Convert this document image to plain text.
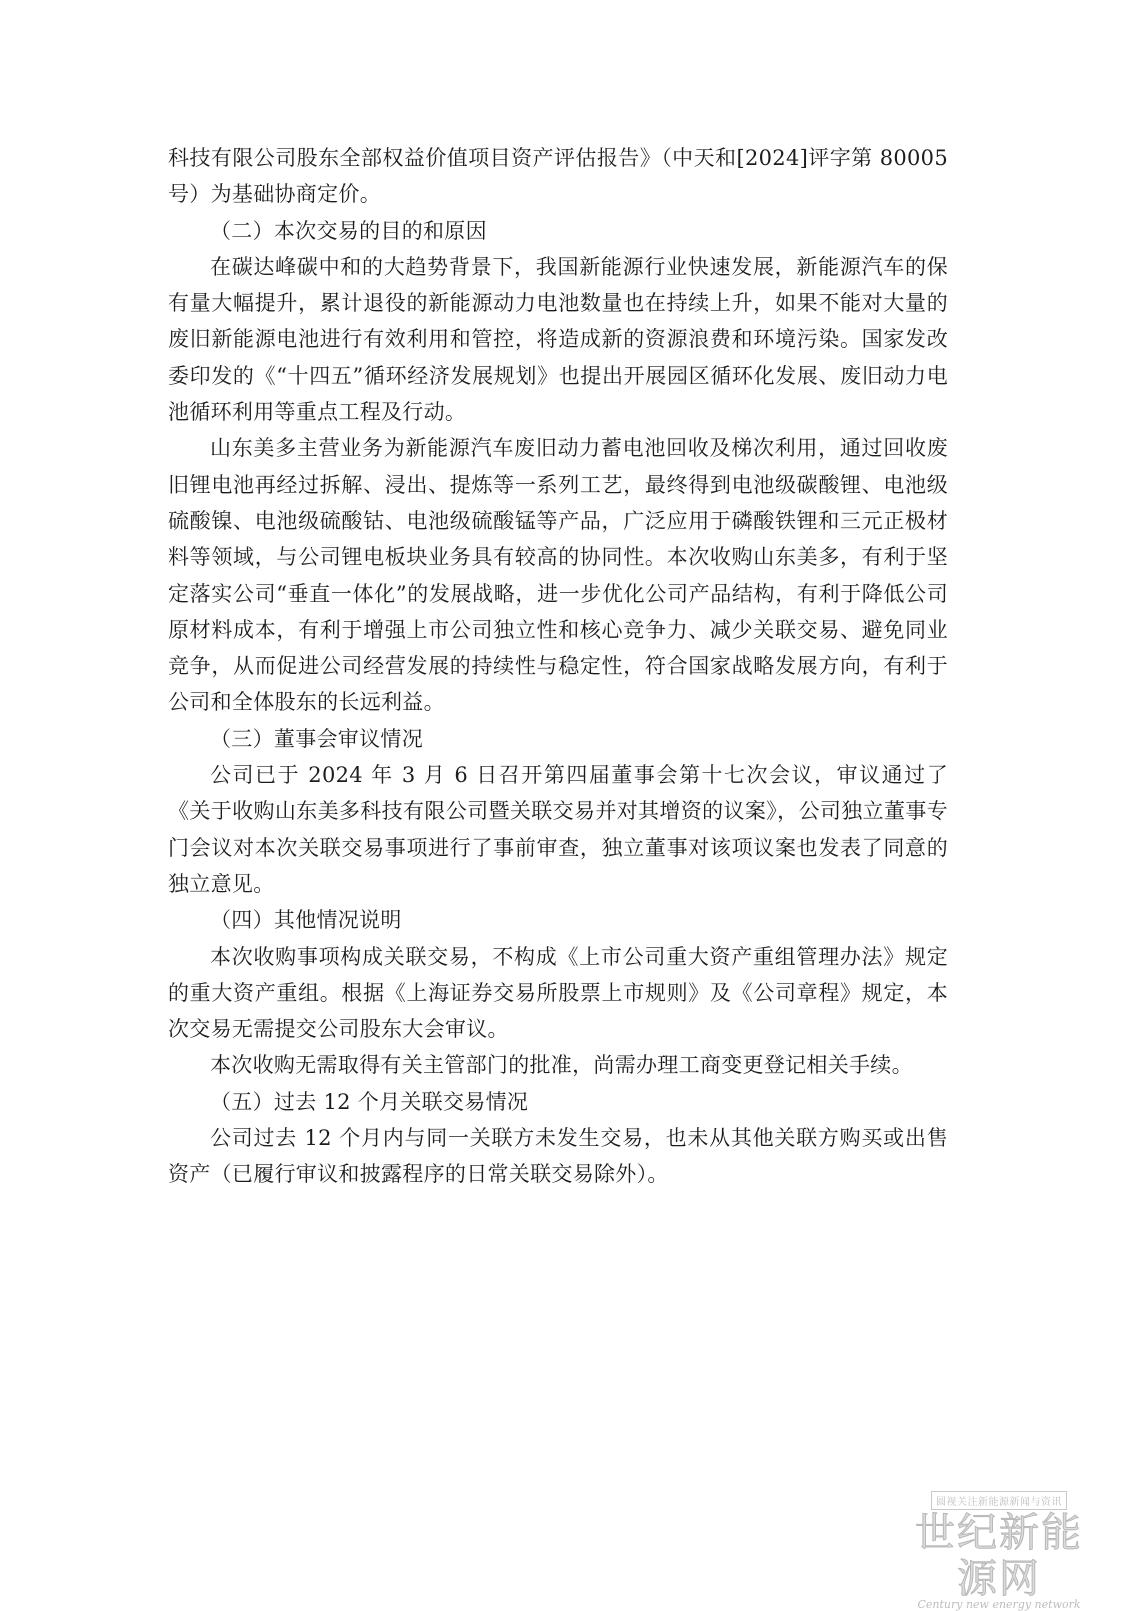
科技有限公司股东全部权益价值项目资产评估报告》（中天和[2024]评字第 80005 号）为基础协商定价。

（二）本次交易的目的和原因

在碳达峰碳中和的大趋势背景下，我国新能源行业快速发展，新能源汽车的保有量大幅提升，累计退役的新能源动力电池数量也在持续上升，如果不能对大量的废旧新能源电池进行有效利用和管控，将造成新的资源浪费和环境污染。国家发改委印发的《“十四五”循环经济发展规划》也提出开展园区循环化发展、废旧动力电池循环利用等重点工程及行动。

山东美多主营业务为新能源汽车废旧动力蓄电池回收及梯次利用，通过回收废旧锂电池再经过拆解、浸出、提炼等一系列工艺，最终得到电池级碳酸锂、电池级硫酸镍、电池级硫酸钴、电池级硫酸锰等产品，广泛应用于磷酸铁锂和三元正极材料等领域，与公司锂电板块业务具有较高的协同性。本次收购山东美多，有利于坚定落实公司“垂直一体化”的发展战略，进一步优化公司产品结构，有利于降低公司原材料成本，有利于增强上市公司独立性和核心竞争力、减少关联交易、避免同业竞争，从而促进公司经营发展的持续性与稳定性，符合国家战略发展方向，有利于公司和全体股东的长远利益。

（三）董事会审议情况

公司已于 2024 年 3 月 6 日召开第四届董事会第十七次会议，审议通过了《关于收购山东美多科技有限公司暨关联交易并对其增资的议案》，公司独立董事专门会议对本次关联交易事项进行了事前审查，独立董事对该项议案也发表了同意的独立意见。

（四）其他情况说明

本次收购事项构成关联交易，不构成《上市公司重大资产重组管理办法》规定的重大资产重组。根据《上海证券交易所股票上市规则》及《公司章程》规定，本次交易无需提交公司股东大会审议。

本次收购无需取得有关主管部门的批准，尚需办理工商变更登记相关手续。

（五）过去 12 个月关联交易情况

公司过去 12 个月内与同一关联方未发生交易，也未从其他关联方购买或出售资产（已履行审议和披露程序的日常关联交易除外）。

圆视关注新能源新闻与资讯
世纪新能源网
Century new energy network
